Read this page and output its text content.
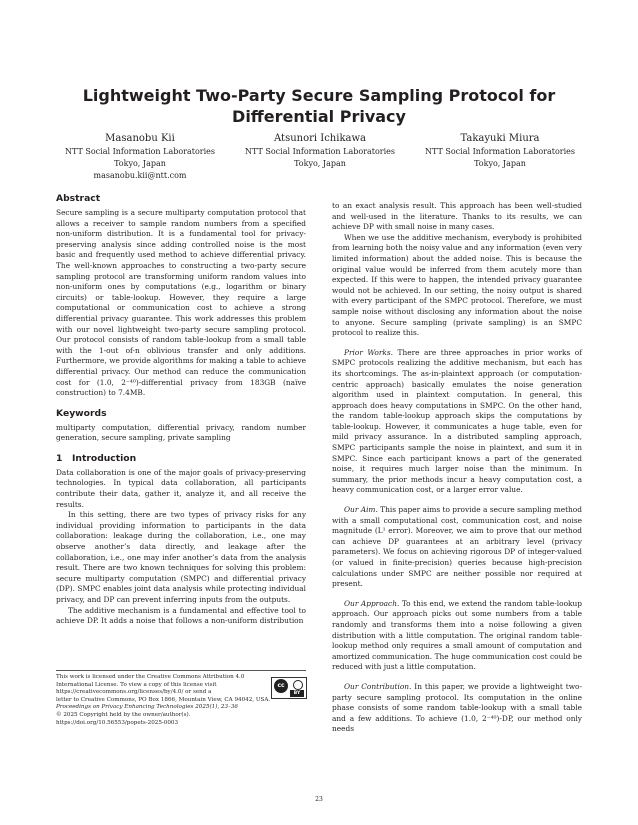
Lightweight Two-Party Secure Sampling Protocol for Differential Privacy
Masanobu Kii
NTT Social Information Laboratories
Tokyo, Japan
masanobu.kii@ntt.com
Atsunori Ichikawa
NTT Social Information Laboratories
Tokyo, Japan
Takayuki Miura
NTT Social Information Laboratories
Tokyo, Japan
Abstract

Secure sampling is a secure multiparty computation protocol that allows a receiver to sample random numbers from a specified non-uniform distribution. It is a fundamental tool for privacy-preserving analysis since adding controlled noise is the most basic and frequently used method to achieve differential privacy. The well-known approaches to constructing a two-party secure sampling protocol are transforming uniform random values into non-uniform ones by computations (e.g., logarithm or binary circuits) or table-lookup. However, they require a large computational or communication cost to achieve a strong differential privacy guarantee. This work addresses this problem with our novel lightweight two-party secure sampling protocol. Our protocol consists of random table-lookup from a small table with the 1-out of-n oblivious transfer and only additions. Furthermore, we provide algorithms for making a table to achieve differential privacy. Our method can reduce the communication cost for (1.0, 2⁻⁴⁰)-differential privacy from 183GB (naïve construction) to 7.4MB.

Keywords

multiparty computation, differential privacy, random number generation, secure sampling, private sampling

1 Introduction

Data collaboration is one of the major goals of privacy-preserving technologies. In typical data collaboration, all participants contribute their data, gather it, analyze it, and all receive the results.

In this setting, there are two types of privacy risks for any individual providing information to participants in the data collaboration: leakage during the collaboration, i.e., one may observe another’s data directly, and leakage after the collaboration, i.e., one may infer another’s data from the analysis result. There are two known techniques for solving this problem: secure multiparty computation (SMPC) and differential privacy (DP). SMPC enables joint data analysis while protecting individual privacy, and DP can prevent inferring inputs from the outputs.

The additive mechanism is a fundamental and effective tool to achieve DP. It adds a noise that follows a non-uniform distribution

to an exact analysis result. This approach has been well-studied and well-used in the literature. Thanks to its results, we can achieve DP with small noise in many cases.

When we use the additive mechanism, everybody is prohibited from learning both the noisy value and any information (even very limited information) about the added noise. This is because the original value would be inferred from them acutely more than expected. If this were to happen, the intended privacy guarantee would not be achieved. In our setting, the noisy output is shared with every participant of the SMPC protocol. Therefore, we must sample noise without disclosing any information about the noise to anyone. Secure sampling (private sampling) is an SMPC protocol to realize this.

Prior Works. There are three approaches in prior works of SMPC protocols realizing the additive mechanism, but each has its shortcomings. The as-in-plaintext approach (or computation-centric approach) basically emulates the noise generation algorithm used in plaintext computation. In general, this approach does heavy computations in SMPC. On the other hand, the random table-lookup approach skips the computations by table-lookup. However, it communicates a huge table, even for mild privacy assurance. In a distributed sampling approach, SMPC participants sample the noise in plaintext, and sum it in SMPC. Since each participant knows a part of the generated noise, it requires much larger noise than the minimum. In summary, the prior methods incur a heavy computation cost, a heavy communication cost, or a larger error value.

Our Aim. This paper aims to provide a secure sampling method with a small computational cost, communication cost, and noise magnitude (L¹ error). Moreover, we aim to prove that our method can achieve DP guarantees at an arbitrary level (privacy parameters). We focus on achieving rigorous DP of integer-valued (or valued in finite-precision) queries because high-precision calculations under SMPC are neither possible nor required at present.

Our Approach. To this end, we extend the random table-lookup approach. Our approach picks out some numbers from a table randomly and transforms them into a noise following a given distribution with a little computation. The original random table-lookup method only requires a small amount of computation and amortized communication. The huge communication cost could be reduced with just a little computation.

Our Contribution. In this paper, we provide a lightweight two-party secure sampling protocol. Its computation in the online phase consists of some random table-lookup with a small table and a few additions. To achieve (1.0, 2⁻⁴⁰)-DP, our method only needs

This work is licensed under the Creative Commons Attribution 4.0 International License. To view a copy of this license visit https://creativecommons.org/licenses/by/4.0/ or send a
cc
BY
letter to Creative Commons, PO Box 1866, Mountain View, CA 94042, USA.
Proceedings on Privacy Enhancing Technologies 2025(1), 23–36
© 2025 Copyright held by the owner/author(s).
https://doi.org/10.56553/popets-2025-0003
23
